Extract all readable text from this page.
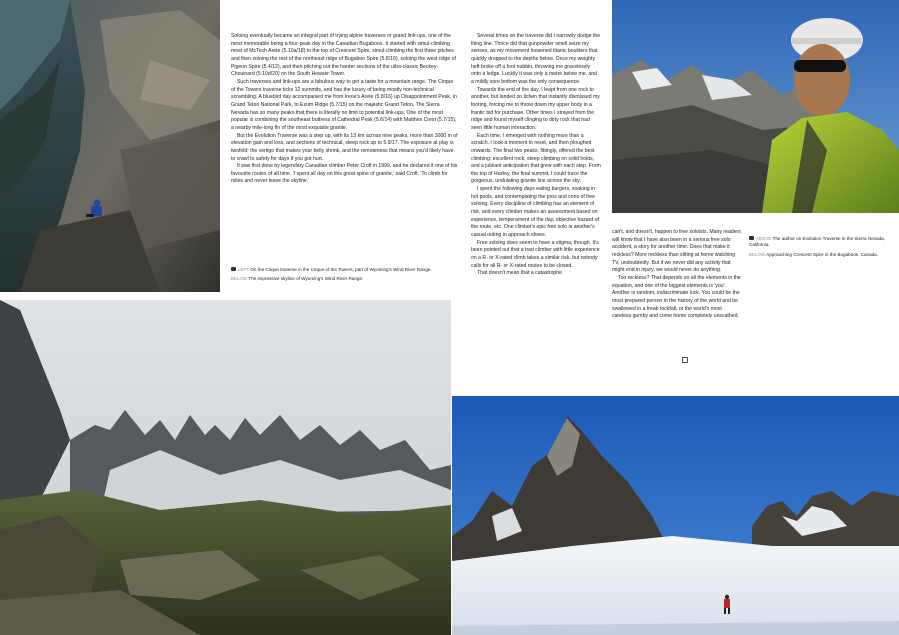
Soloing eventually became an integral part of trying alpine traverses or grand link-ups, one of the most memorable being a four-peak day in the Canadian Bugaboos. It started with simul-climbing most of McTech Arete (5.10a/18) to the top of Crescent Spire, simul-climbing the first three pitches and then soloing the rest of the northeast ridge of Bugaboo Spire (5.8/16), soloing the west ridge of Pigeon Spire (5.4/12), and then pitching out the harder sections of the ultra-classic Beckey-Chouinard (5.10d/20) on the South Howser Tower.

Such traverses and link-ups are a fabulous way to get a taste for a mountain range. The Cirque of the Towers traverse ticks 12 summits, and has the luxury of being mostly non-technical scrambling. A bluebird day accompanied me from Irene's Arete (5.8/16) up Disappointment Peak, in Grand Teton National Park, to Exum Ridge (5.7/15) on the majestic Grand Teton. The Sierra Nevada has so many peaks that there is literally no limit to potential link-ups. One of the most popular is combining the southeast buttress of Cathedral Peak (5.6/14) with Matthes Crest (5.7/15), a nearby mile-long fin of the most exquisite granite.

But the Evolution Traverse was a step up, with its 13 km across nine peaks, more than 3000 m of elevation gain and loss, and sections of technical, steep rock up to 5.9/17. The exposure at play is twofold: the vertigo that makes your belly shrink, and the remoteness that means you'd likely have to crawl to safety for days if you got hurt.

It was first done by legendary Canadian climber Peter Croft in 1999, and he declared it one of his favourite routes of all time. 'I spent all day on this great spine of granite,' said Croft. 'To climb for miles and never leave the skyline.'

LEFT On the Cirque traverse in the Cirque of the Towers, part of Wyoming's Wind River Range.
BELOW The impressive skyline of Wyoming's Wind River Range.

Several times on the traverse did I narrowly dodge the firing line. Thrice did that gunpowder smell seize my senses, as my movement loosened titanic boulders that quickly dropped to the depths below. Once my weighty heft broke off a foot nubbin, throwing me gracelessly onto a ledge. Luckily it was only a metre below me, and a mildly sore bottom was the only consequence.

Towards the end of the day, I leapt from one rock to another, but landed on lichen that instantly dismissed my footing, forcing me to throw down my upper body in a frantic bid for purchase. Other times I strayed from the ridge and found myself clinging to dirty rock that had seen little human interaction.

Each time, I emerged with nothing more than a scratch. I took a moment to reset, and then ploughed onwards. The final two peaks, fittingly, offered the best climbing: excellent rock, steep climbing on solid holds, and a jubilant anticipation that grew with each step. From the top of Huxley, the final summit, I could trace the gorgeous, undulating granite line across the sky.

I spent the following days eating burgers, soaking in hot pools, and contemplating the pros and cons of free soloing. Every discipline of climbing has an element of risk, and every climber makes an assessment based on experience, temperament of the day, objective hazard of the route, etc. One climber's epic free solo is another's casual outing in approach shoes.

Free soloing does seem to have a stigma, though. It's been pointed out that a trad climber with little experience on a R- or X-rated climb takes a similar risk, but nobody calls for all R- or X-rated routes to be closed.

That doesn't mean that a catastrophe

ABOVE The author on Evolution Traverse in the Sierra Nevada, California.
BELOW Approaching Crescent Spire in the Bugaboos, Canada.

can't, and doesn't, happen to free soloists. Many readers will know that I have also been in a serious free solo accident, a story for another time. Does that make it reckless? More reckless than sitting at home watching TV, undoubtedly. But if we never did any activity that might end in injury, we would never do anything.

Too reckless? That depends on all the elements in the equation, and one of the biggest elements is 'you'. Another is random, indiscriminate luck. You could be the most prepared person in the history of the world and be swallowed in a freak rockfall, or the world's most careless gumby and come home completely unscathed.
